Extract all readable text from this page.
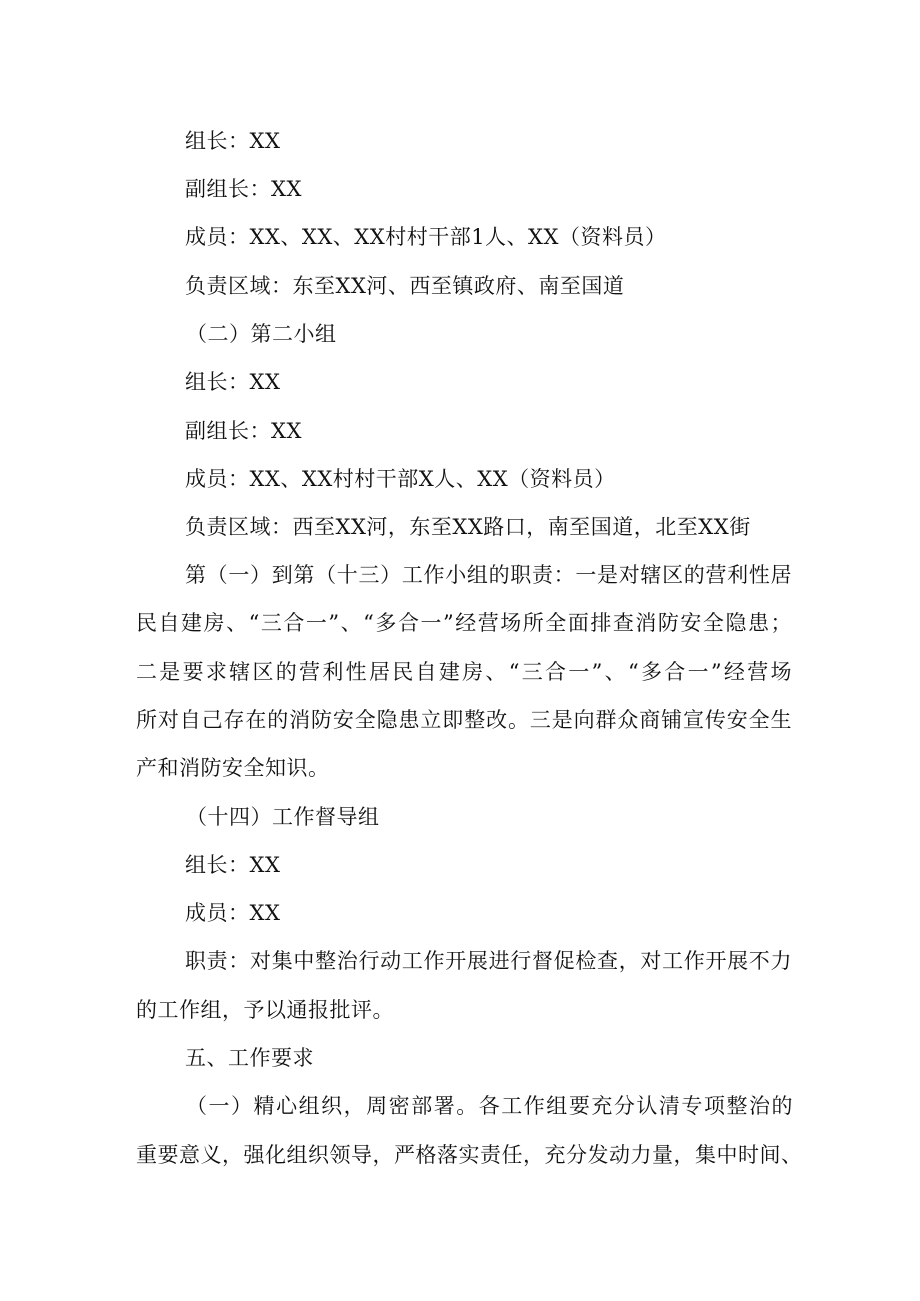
组长：XX
副组长：XX
成员：XX、XX、XX村村干部1人、XX（资料员）
负责区域：东至XX河、西至镇政府、南至国道
（二）第二小组
组长：XX
副组长：XX
成员：XX、XX村村干部X人、XX（资料员）
负责区域：西至XX河，东至XX路口，南至国道，北至XX街
第（一）到第（十三）工作小组的职责：一是对辖区的营利性居
民自建房、“三合一”、“多合一”经营场所全面排查消防安全隐患；
二是要求辖区的营利性居民自建房、“三合一”、“多合一”经营场
所对自己存在的消防安全隐患立即整改。三是向群众商铺宣传安全生
产和消防安全知识。
（十四）工作督导组
组长：XX
成员：XX
职责：对集中整治行动工作开展进行督促检查，对工作开展不力
的工作组，予以通报批评。
五、工作要求
（一）精心组织，周密部署。各工作组要充分认清专项整治的
重要意义，强化组织领导，严格落实责任，充分发动力量，集中时间、
